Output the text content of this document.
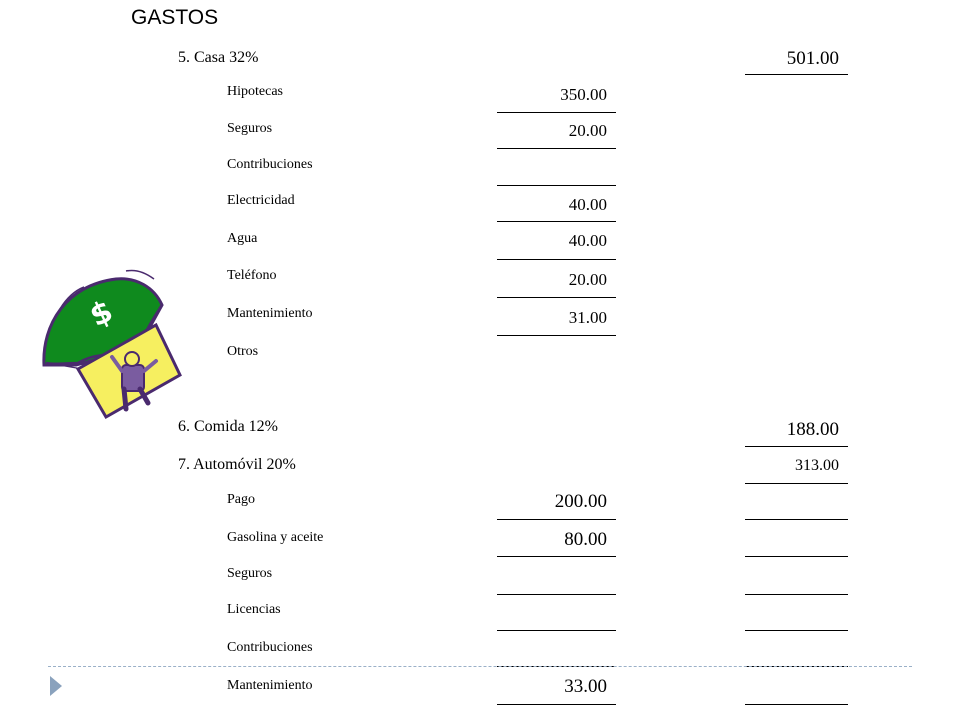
GASTOS
5. Casa 32%	501.00
Hipotecas	350.00
Seguros	20.00
Contribuciones
Electricidad	40.00
Agua	40.00
Teléfono	20.00
Mantenimiento	31.00
Otros
6. Comida 12%	188.00
7. Automóvil 20%	313.00
Pago	200.00
Gasolina y aceite	80.00
Seguros
Licencias
Contribuciones
Mantenimiento	33.00
$
